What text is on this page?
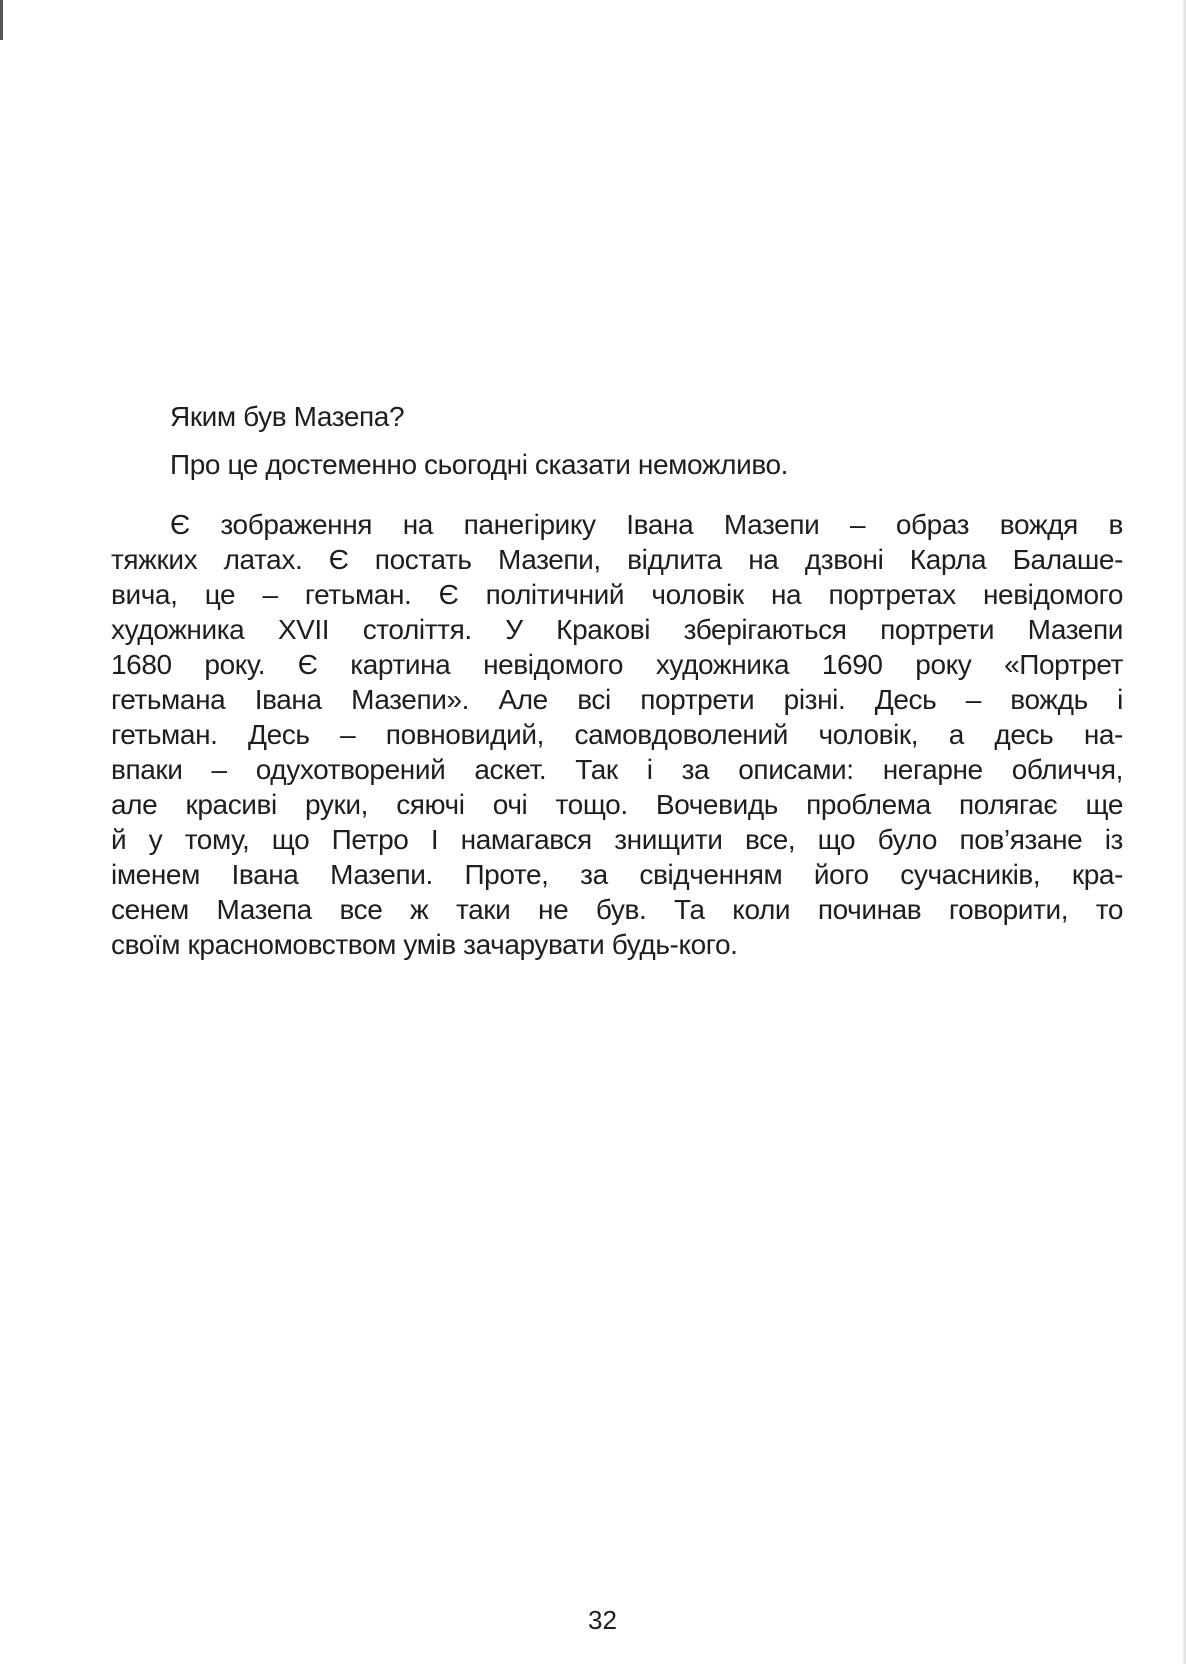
Яким був Мазепа?
Про це достеменно сьогодні сказати неможливо.
Є зображення на панегірику Івана Мазепи – образ вождя в
тяжких латах. Є постать Мазепи, відлита на дзвоні Карла Балаше-
вича, це – гетьман. Є політичний чоловік на портретах невідомого
художника XVII століття. У Кракові зберігаються портрети Мазепи
1680 року. Є картина невідомого художника 1690 року «Портрет
гетьмана Івана Мазепи». Але всі портрети різні. Десь – вождь і
гетьман. Десь – повновидий, самовдоволений чоловік, а десь на-
впаки – одухотворений аскет. Так і за описами: негарне обличчя,
але красиві руки, сяючі очі тощо. Вочевидь проблема полягає ще
й у тому, що Петро І намагався знищити все, що було пов’язане із
іменем Івана Мазепи. Проте, за свідченням його сучасників, кра-
сенем Мазепа все ж таки не був. Та коли починав говорити, то
своїм красномовством умів зачарувати будь-кого.
32
